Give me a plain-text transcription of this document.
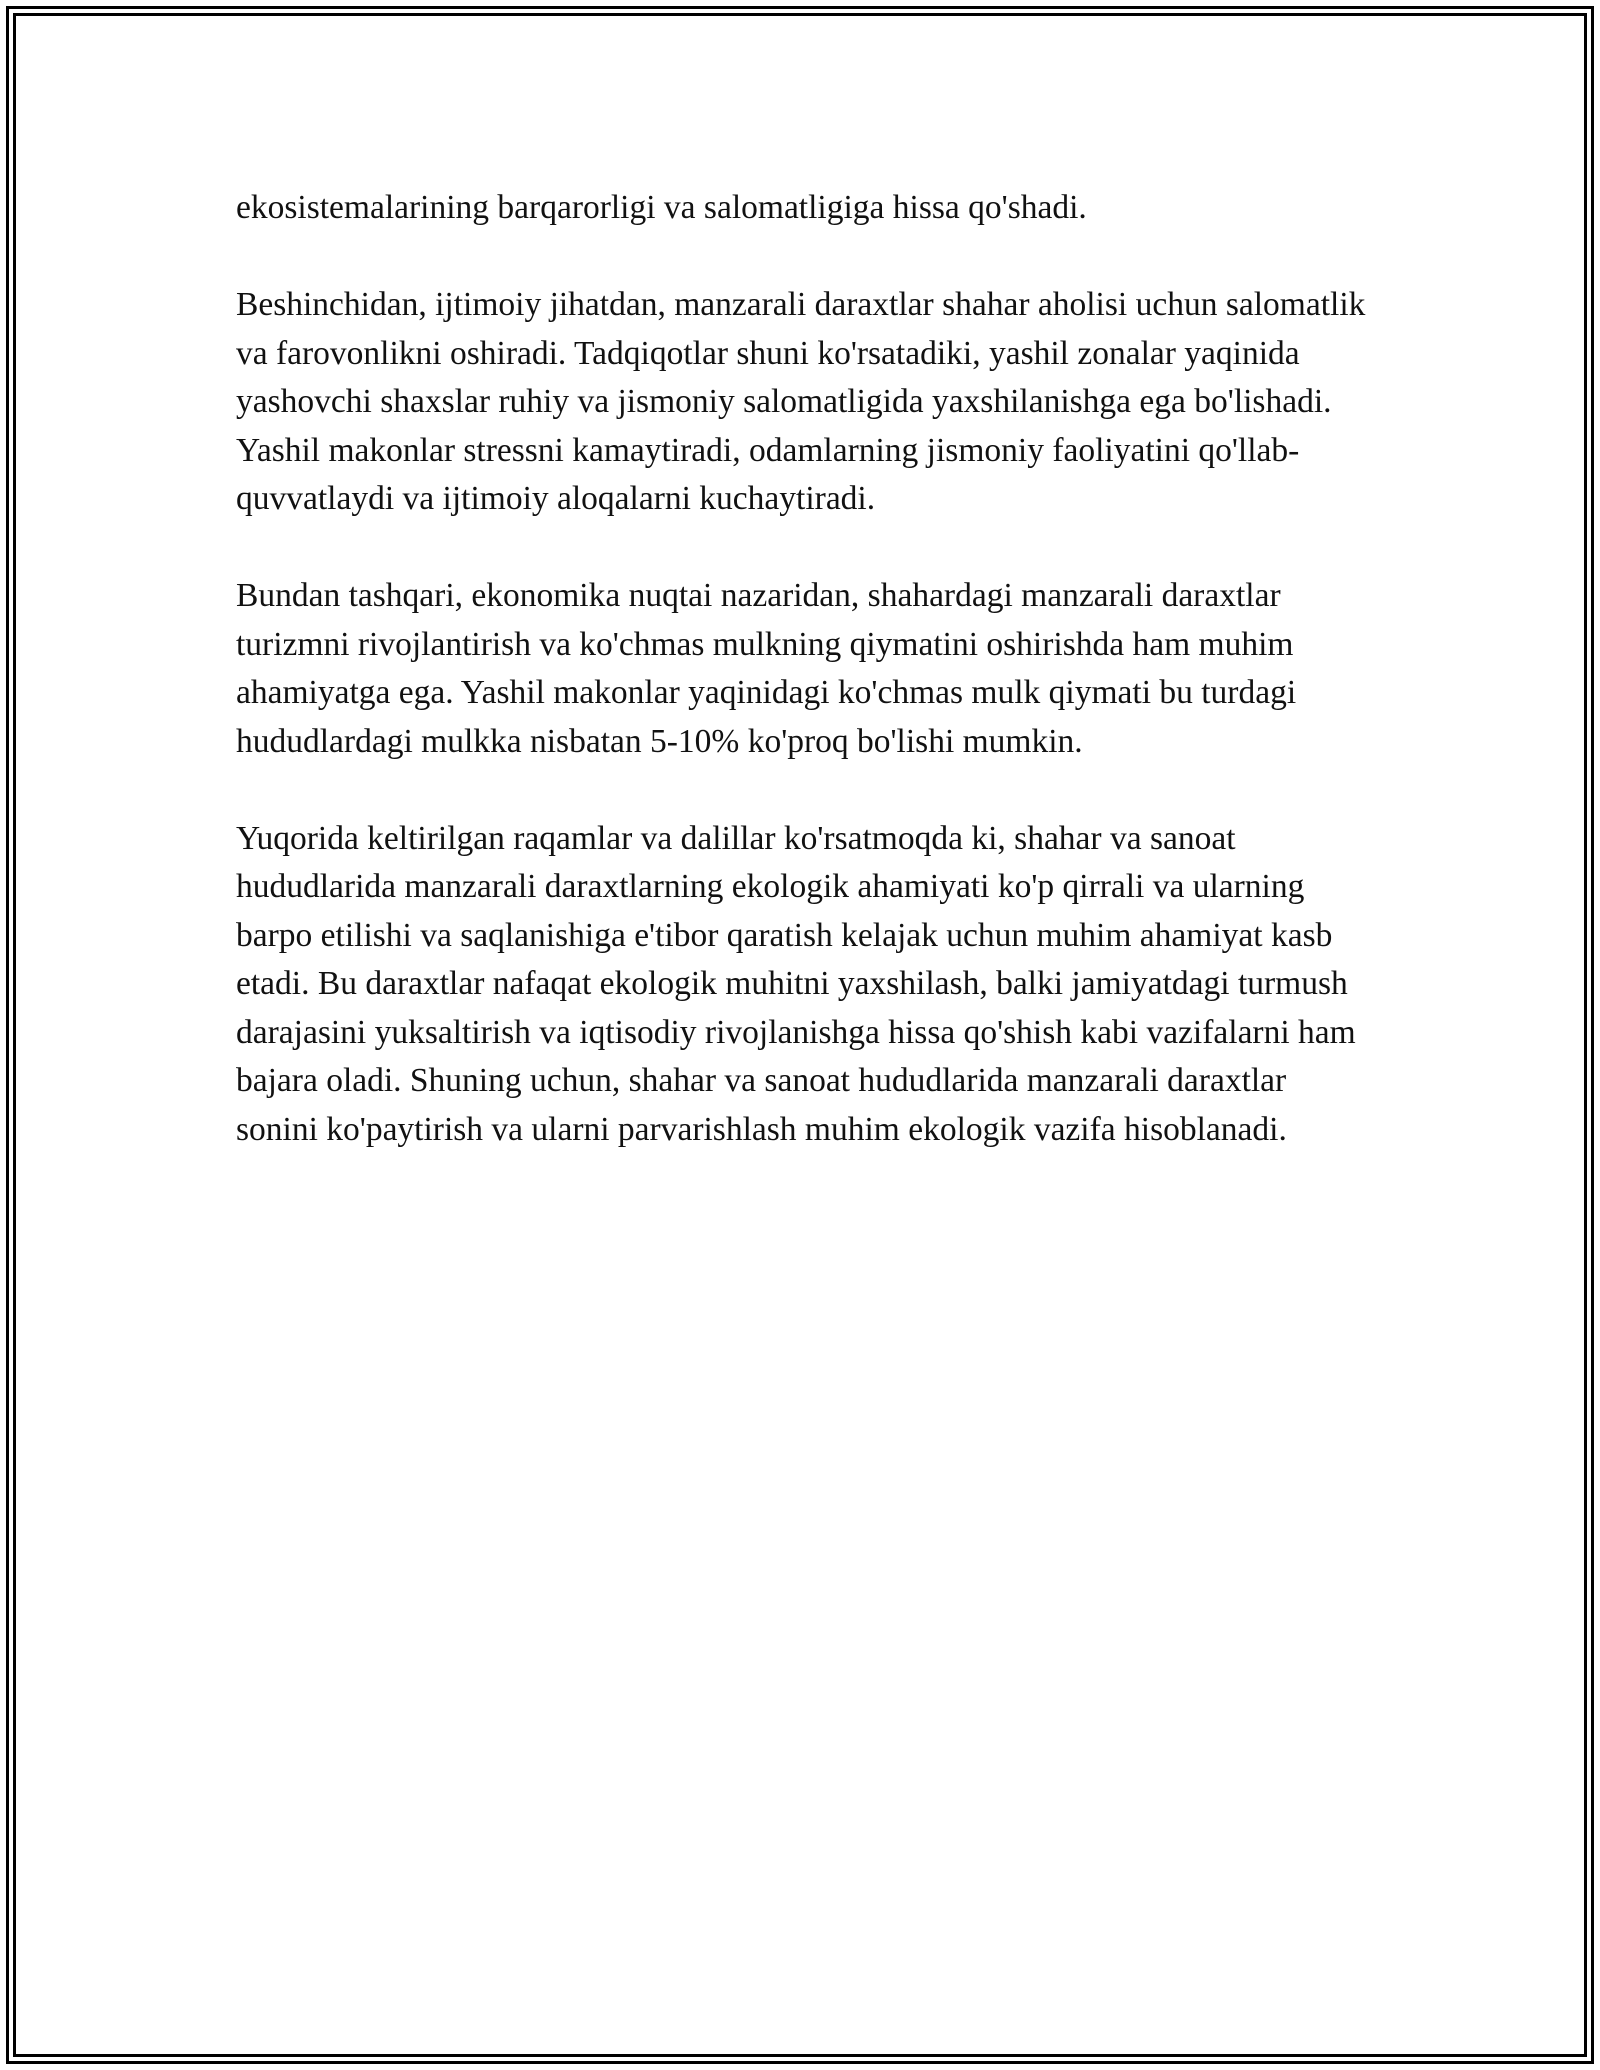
ekosistemalarining barqarorligi va salomatligiga hissa qo'shadi.

Beshinchidan, ijtimoiy jihatdan, manzarali daraxtlar shahar aholisi uchun salomatlik va farovonlikni oshiradi. Tadqiqotlar shuni ko'rsatadiki, yashil zonalar yaqinida yashovchi shaxslar ruhiy va jismoniy salomatligida yaxshilanishga ega bo'lishadi. Yashil makonlar stressni kamaytiradi, odamlarning jismoniy faoliyatini qo'llab-quvvatlaydi va ijtimoiy aloqalarni kuchaytiradi.

Bundan tashqari, ekonomika nuqtai nazaridan, shahardagi manzarali daraxtlar turizmni rivojlantirish va ko'chmas mulkning qiymatini oshirishda ham muhim ahamiyatga ega. Yashil makonlar yaqinidagi ko'chmas mulk qiymati bu turdagi hududlardagi mulkka nisbatan 5-10% ko'proq bo'lishi mumkin.

Yuqorida keltirilgan raqamlar va dalillar ko'rsatmoqda ki, shahar va sanoat hududlarida manzarali daraxtlarning ekologik ahamiyati ko'p qirrali va ularning barpo etilishi va saqlanishiga e'tibor qaratish kelajak uchun muhim ahamiyat kasb etadi. Bu daraxtlar nafaqat ekologik muhitni yaxshilash, balki jamiyatdagi turmush darajasini yuksaltirish va iqtisodiy rivojlanishga hissa qo'shish kabi vazifalarni ham bajara oladi. Shuning uchun, shahar va sanoat hududlarida manzarali daraxtlar sonini ko'paytirish va ularni parvarishlash muhim ekologik vazifa hisoblanadi.
